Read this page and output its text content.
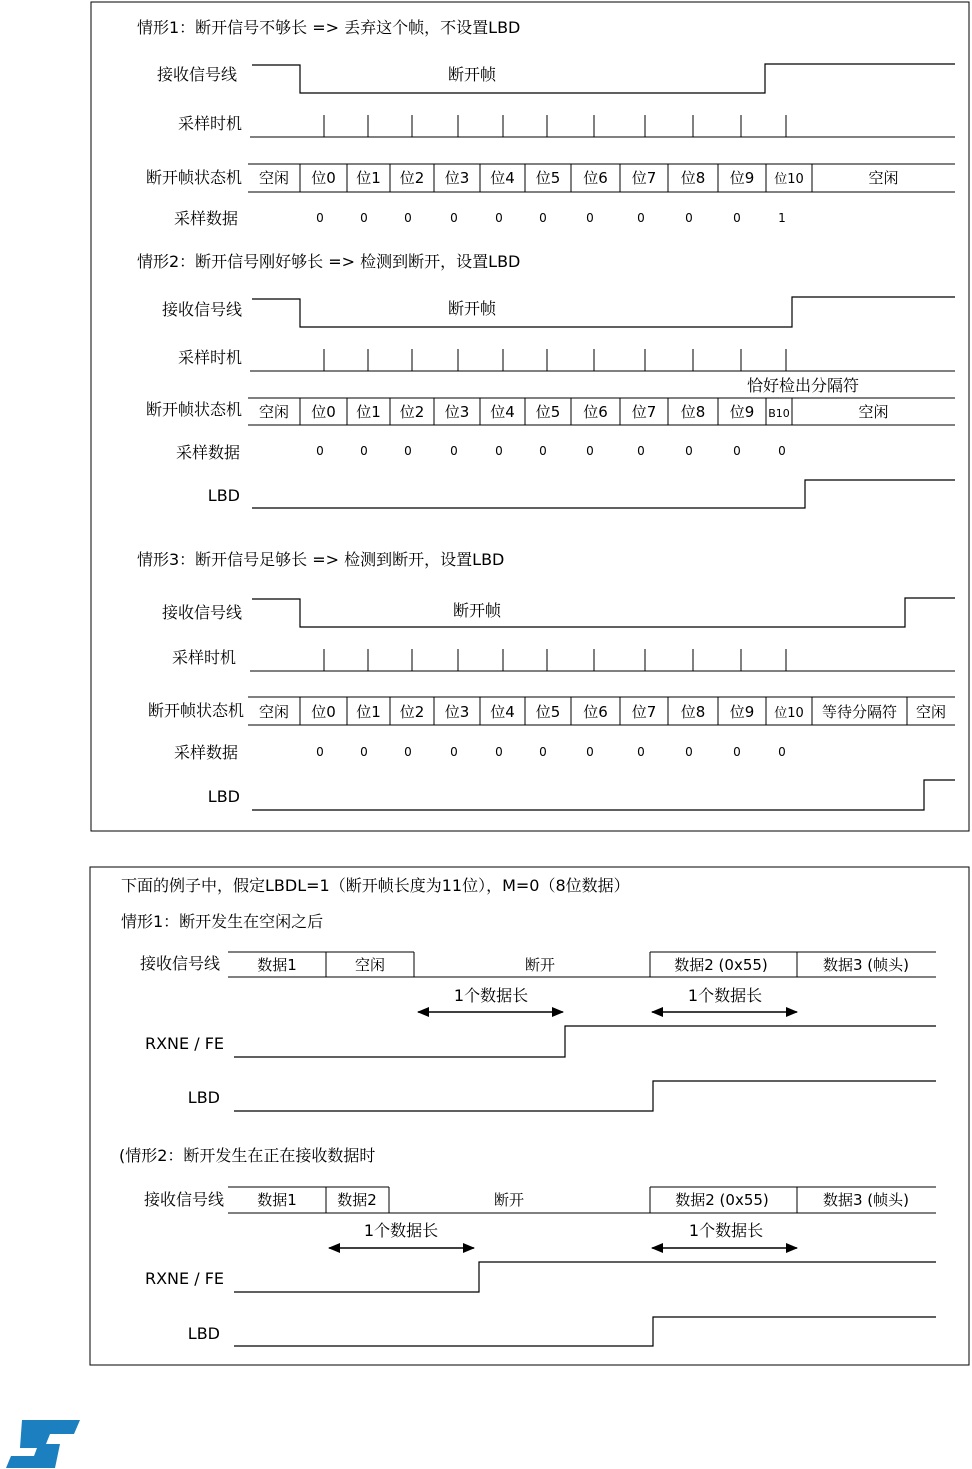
情形1：断开信号不够长 => 丢弃这个帧，不设置LBD
接收信号线	断开帧
采样时机
断开帧状态机 空闲 位0 位1 位2 位3 位4 位5 位6 位7 位8 位9 位10	空闲
采样数据	0	0	0	0	0	0	0	0	0	0	1
情形2：断开信号刚好够长 => 检测到断开，设置LBD
接收信号线	断开帧
采样时机
恰好检出分隔符
断开帧状态机 空闲 位0 位1 位2 位3 位4 位5 位6 位7 位8 位9 B10	空闲
采样数据	0	0	0	0	0	0	0	0	0	0	0
LBD
情形3：断开信号足够长 => 检测到断开，设置LBD
接收信号线	断开帧
采样时机
断开帧状态机 空闲 位0 位1 位2 位3 位4 位5 位6 位7 位8 位9 位10 等待分隔符 空闲
采样数据	0	0	0	0	0	0	0	0	0	0	0
LBD
下面的例子中，假定LBDL=1（断开帧长度为11位），M=0（8位数据）
情形1：断开发生在空闲之后
接收信号线 数据1	空闲	断开	数据2 (0x55)	数据3 (帧头)
1个数据长	1个数据长
RXNE / FE
LBD
(情形2：断开发生在正在接收数据时
接收信号线 数据1	数据2	断开	数据2 (0x55)	数据3 (帧头)
1个数据长	1个数据长
RXNE / FE
LBD
